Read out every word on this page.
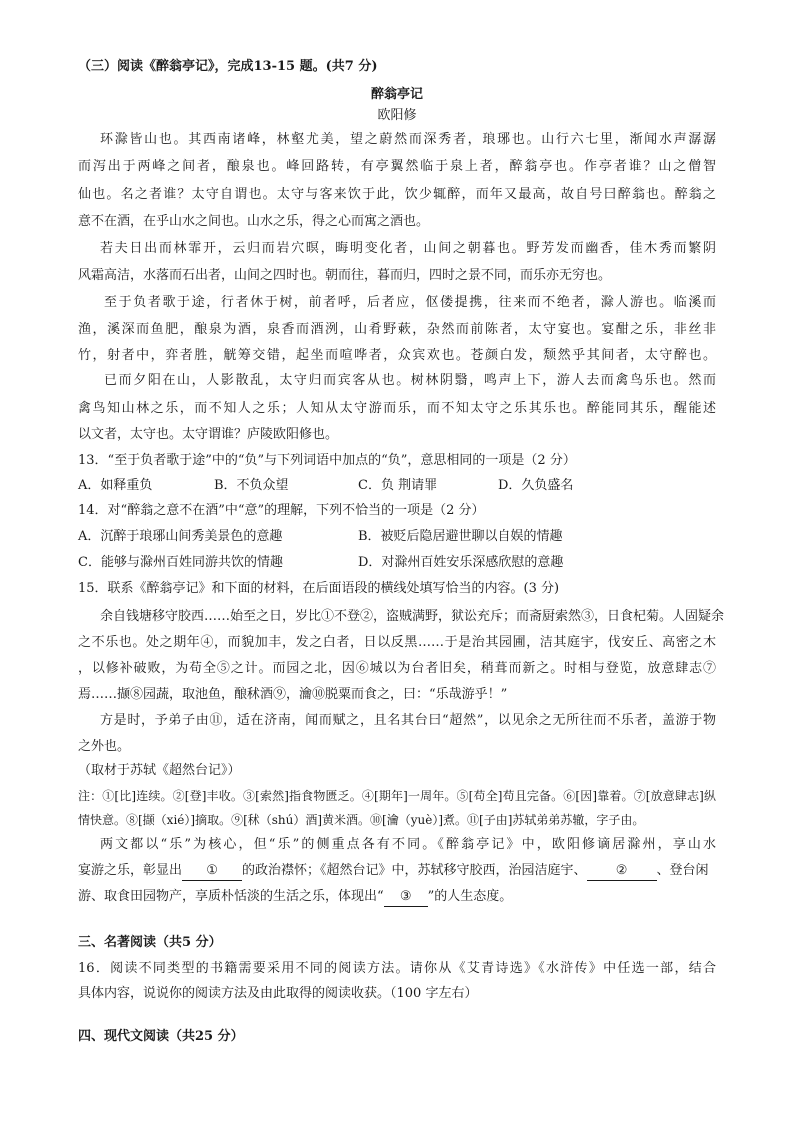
（三）阅读《醉翁亭记》，完成13-15 题。(共7 分)
醉翁亭记
欧阳修
环滁皆山也。其西南诸峰，林壑尤美，望之蔚然而深秀者，琅琊也。山行六七里，渐闻水声潺潺
而泻出于两峰之间者，酿泉也。峰回路转，有亭翼然临于泉上者，醉翁亭也。作亭者谁？山之僧智
仙也。名之者谁？太守自谓也。太守与客来饮于此，饮少辄醉，而年又最高，故自号曰醉翁也。醉翁之
意不在酒，在乎山水之间也。山水之乐，得之心而寓之酒也。
若夫日出而林霏开，云归而岩穴暝，晦明变化者，山间之朝暮也。野芳发而幽香，佳木秀而繁阴
风霜高洁，水落而石出者，山间之四时也。朝而往，暮而归，四时之景不同，而乐亦无穷也。
至于负者歌于途，行者休于树，前者呼，后者应，伛偻提携，往来而不绝者，滁人游也。临溪而
渔，溪深而鱼肥，酿泉为酒，泉香而酒洌，山肴野蔌，杂然而前陈者，太守宴也。宴酣之乐，非丝非
竹，射者中，弈者胜，觥筹交错，起坐而喧哗者，众宾欢也。苍颜白发，颓然乎其间者，太守醉也。
已而夕阳在山，人影散乱，太守归而宾客从也。树林阴翳，鸣声上下，游人去而禽鸟乐也。然而
禽鸟知山林之乐，而不知人之乐；人知从太守游而乐，而不知太守之乐其乐也。醉能同其乐，醒能述
以文者，太守也。太守谓谁？庐陵欧阳修也。
13．“至于负者歌于途”中的“负”与下列词语中加点的“负”，意思相同的一项是（2 分）
A．如释重负	B．不负众望	C．负 荆请罪	D．久负盛名
14．对“醉翁之意不在酒”中“意”的理解，下列不恰当的一项是（2 分）
A．沉醉于琅琊山间秀美景色的意趣	B．被贬后隐居避世聊以自娱的情趣
C．能够与滁州百姓同游共饮的情趣	D．对滁州百姓安乐深感欣慰的意趣
15．联系《醉翁亭记》和下面的材料，在后面语段的横线处填写恰当的内容。(3 分)
余自钱塘移守胶西……始至之日，岁比①不登②，盗贼满野，狱讼充斥；而斋厨索然③，日食杞菊。人固疑余
之不乐也。处之期年④，而貌加丰，发之白者，日以反黑……于是治其园圃，洁其庭宇，伐安丘、高密之木
，以修补破败，为苟全⑤之计。而园之北，因⑥城以为台者旧矣，稍葺而新之。时相与登览，放意肆志⑦
焉……撷⑧园蔬，取池鱼，酿秫酒⑨，瀹⑩脱粟而食之，曰：“乐哉游乎！”
方是时，予弟子由⑪，适在济南，闻而赋之，且名其台曰“超然”，以见余之无所往而不乐者，盖游于物
之外也。
（取材于苏轼《超然台记》）
注：①[比]连续。②[登]丰收。③[索然]指食物匮乏。④[期年]一周年。⑤[苟全]苟且完备。⑥[因]靠着。⑦[放意肆志]纵
情快意。⑧[撷（xié）]摘取。⑨[秫（shú）酒]黄米酒。⑩[瀹（yuè）]煮。⑪[子由]苏轼弟弟苏辙，字子由。
两文都以“乐”为核心，但“乐”的侧重点各有不同。《醉翁亭记》中，欧阳修谪居滁州，享山水
宴游之乐，彰显出 ① 的政治襟怀；《超然台记》中，苏轼移守胶西，治园洁庭宇、 ② 、登台闲
游、取食田园物产，享质朴恬淡的生活之乐，体现出“ ③ ”的人生态度。
三、名著阅读（共5 分）
16．阅读不同类型的书籍需要采用不同的阅读方法。请你从《艾青诗选》《水浒传》中任选一部，结合
具体内容，说说你的阅读方法及由此取得的阅读收获。（100 字左右）
四、现代文阅读（共25 分）
